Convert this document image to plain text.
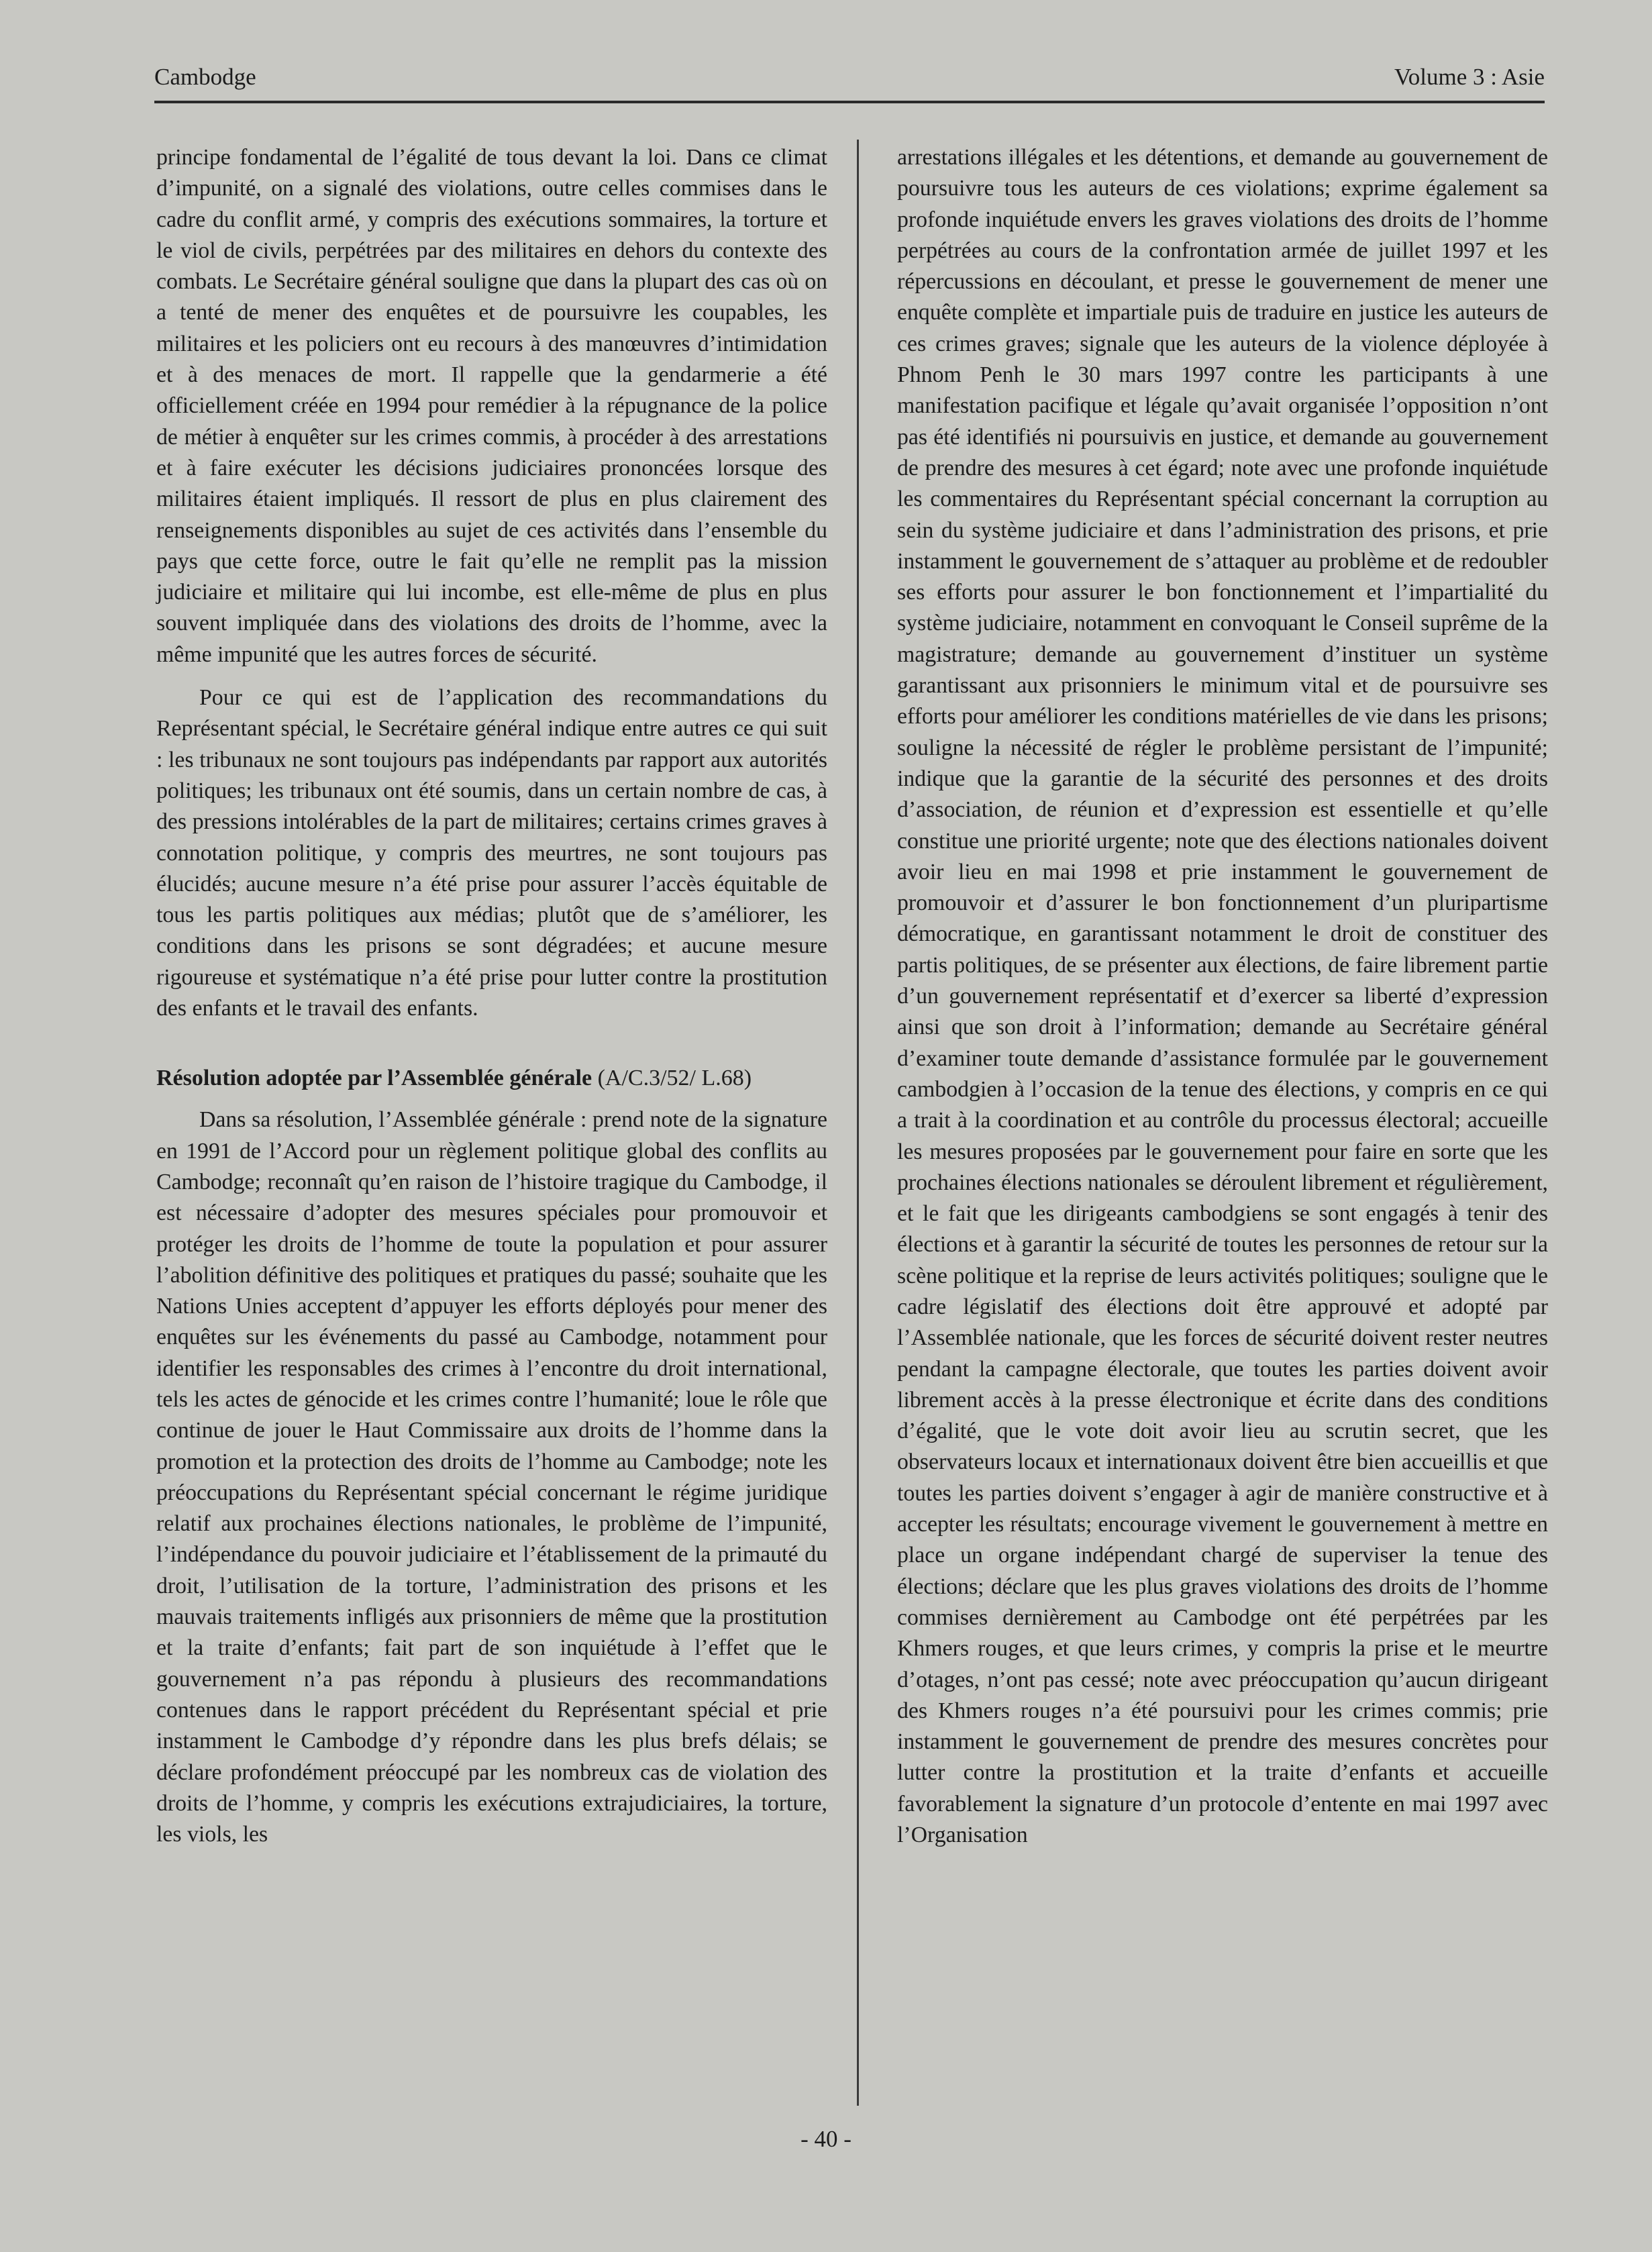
Cambodge	Volume 3 : Asie

principe fondamental de l’égalité de tous devant la loi. Dans ce climat d’impunité, on a signalé des violations, outre celles commises dans le cadre du conflit armé, y compris des exécutions sommaires, la torture et le viol de civils, perpétrées par des militaires en dehors du contexte des combats. Le Secrétaire général souligne que dans la plupart des cas où on a tenté de mener des enquêtes et de poursuivre les coupables, les militaires et les policiers ont eu recours à des manœuvres d’intimidation et à des menaces de mort. Il rappelle que la gendarmerie a été officiellement créée en 1994 pour remédier à la répugnance de la police de métier à enquêter sur les crimes commis, à procéder à des arrestations et à faire exécuter les décisions judiciaires prononcées lorsque des militaires étaient impliqués. Il ressort de plus en plus clairement des renseignements disponibles au sujet de ces activités dans l’ensemble du pays que cette force, outre le fait qu’elle ne remplit pas la mission judiciaire et militaire qui lui incombe, est elle-même de plus en plus souvent impliquée dans des violations des droits de l’homme, avec la même impunité que les autres forces de sécurité.

Pour ce qui est de l’application des recommandations du Représentant spécial, le Secrétaire général indique entre autres ce qui suit : les tribunaux ne sont toujours pas indépendants par rapport aux autorités politiques; les tribunaux ont été soumis, dans un certain nombre de cas, à des pressions intolérables de la part de militaires; certains crimes graves à connotation politique, y compris des meurtres, ne sont toujours pas élucidés; aucune mesure n’a été prise pour assurer l’accès équitable de tous les partis politiques aux médias; plutôt que de s’améliorer, les conditions dans les prisons se sont dégradées; et aucune mesure rigoureuse et systématique n’a été prise pour lutter contre la prostitution des enfants et le travail des enfants.

Résolution adoptée par l’Assemblée générale (A/C.3/52/ L.68)

Dans sa résolution, l’Assemblée générale : prend note de la signature en 1991 de l’Accord pour un règlement politique global des conflits au Cambodge; reconnaît qu’en raison de l’histoire tragique du Cambodge, il est nécessaire d’adopter des mesures spéciales pour promouvoir et protéger les droits de l’homme de toute la population et pour assurer l’abolition définitive des politiques et pratiques du passé; souhaite que les Nations Unies acceptent d’appuyer les efforts déployés pour mener des enquêtes sur les événements du passé au Cambodge, notamment pour identifier les responsables des crimes à l’encontre du droit international, tels les actes de génocide et les crimes contre l’humanité; loue le rôle que continue de jouer le Haut Commissaire aux droits de l’homme dans la promotion et la protection des droits de l’homme au Cambodge; note les préoccupations du Représentant spécial concernant le régime juridique relatif aux prochaines élections nationales, le problème de l’impunité, l’indépendance du pouvoir judiciaire et l’établissement de la primauté du droit, l’utilisation de la torture, l’administration des prisons et les mauvais traitements infligés aux prisonniers de même que la prostitution et la traite d’enfants; fait part de son inquiétude à l’effet que le gouvernement n’a pas répondu à plusieurs des recommandations contenues dans le rapport précédent du Représentant spécial et prie instamment le Cambodge d’y répondre dans les plus brefs délais; se déclare profondément préoccupé par les nombreux cas de violation des droits de l’homme, y compris les exécutions extrajudiciaires, la torture, les viols, les

arrestations illégales et les détentions, et demande au gouvernement de poursuivre tous les auteurs de ces violations; exprime également sa profonde inquiétude envers les graves violations des droits de l’homme perpétrées au cours de la confrontation armée de juillet 1997 et les répercussions en découlant, et presse le gouvernement de mener une enquête complète et impartiale puis de traduire en justice les auteurs de ces crimes graves; signale que les auteurs de la violence déployée à Phnom Penh le 30 mars 1997 contre les participants à une manifestation pacifique et légale qu’avait organisée l’opposition n’ont pas été identifiés ni poursuivis en justice, et demande au gouvernement de prendre des mesures à cet égard; note avec une profonde inquiétude les commentaires du Représentant spécial concernant la corruption au sein du système judiciaire et dans l’administration des prisons, et prie instamment le gouvernement de s’attaquer au problème et de redoubler ses efforts pour assurer le bon fonctionnement et l’impartialité du système judiciaire, notamment en convoquant le Conseil suprême de la magistrature; demande au gouvernement d’instituer un système garantissant aux prisonniers le minimum vital et de poursuivre ses efforts pour améliorer les conditions matérielles de vie dans les prisons; souligne la nécessité de régler le problème persistant de l’impunité; indique que la garantie de la sécurité des personnes et des droits d’association, de réunion et d’expression est essentielle et qu’elle constitue une priorité urgente; note que des élections nationales doivent avoir lieu en mai 1998 et prie instamment le gouvernement de promouvoir et d’assurer le bon fonctionnement d’un pluripartisme démocratique, en garantissant notamment le droit de constituer des partis politiques, de se présenter aux élections, de faire librement partie d’un gouvernement représentatif et d’exercer sa liberté d’expression ainsi que son droit à l’information; demande au Secrétaire général d’examiner toute demande d’assistance formulée par le gouvernement cambodgien à l’occasion de la tenue des élections, y compris en ce qui a trait à la coordination et au contrôle du processus électoral; accueille les mesures proposées par le gouvernement pour faire en sorte que les prochaines élections nationales se déroulent librement et régulièrement, et le fait que les dirigeants cambodgiens se sont engagés à tenir des élections et à garantir la sécurité de toutes les personnes de retour sur la scène politique et la reprise de leurs activités politiques; souligne que le cadre législatif des élections doit être approuvé et adopté par l’Assemblée nationale, que les forces de sécurité doivent rester neutres pendant la campagne électorale, que toutes les parties doivent avoir librement accès à la presse électronique et écrite dans des conditions d’égalité, que le vote doit avoir lieu au scrutin secret, que les observateurs locaux et internationaux doivent être bien accueillis et que toutes les parties doivent s’engager à agir de manière constructive et à accepter les résultats; encourage vivement le gouvernement à mettre en place un organe indépendant chargé de superviser la tenue des élections; déclare que les plus graves violations des droits de l’homme commises dernièrement au Cambodge ont été perpétrées par les Khmers rouges, et que leurs crimes, y compris la prise et le meurtre d’otages, n’ont pas cessé; note avec préoccupation qu’aucun dirigeant des Khmers rouges n’a été poursuivi pour les crimes commis; prie instamment le gouvernement de prendre des mesures concrètes pour lutter contre la prostitution et la traite d’enfants et accueille favorablement la signature d’un protocole d’entente en mai 1997 avec l’Organisation

- 40 -
